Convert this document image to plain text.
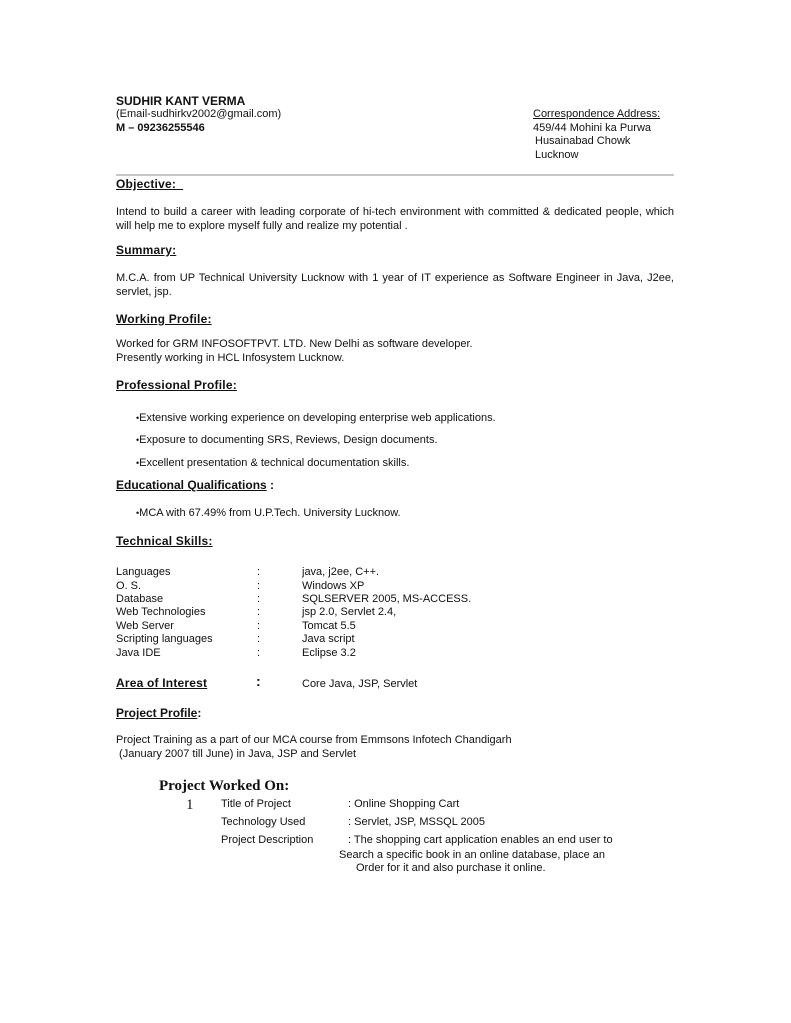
SUDHIR KANT VERMA
(Email-sudhirkv2002@gmail.com)
M – 09236255546
Correspondence Address:
459/44 Mohini ka Purwa
Husainabad Chowk
Lucknow
Objective:
Intend to build a career with leading corporate of hi-tech environment with committed & dedicated people, which will help me to explore myself fully and realize my potential .
Summary:
M.C.A. from UP Technical University Lucknow with 1 year of IT experience as Software Engineer in Java, J2ee, servlet, jsp.
Working Profile:
Worked for GRM INFOSOFTPVT. LTD. New Delhi as software developer.
Presently working in HCL Infosystem Lucknow.
Professional Profile:
•Extensive working experience on developing enterprise web applications.
•Exposure to documenting SRS, Reviews, Design documents.
•Excellent presentation & technical documentation skills.
Educational Qualifications :
•MCA with 67.49% from U.P.Tech. University Lucknow.
Technical Skills:
Languages	:	java, j2ee, C++.
O. S.	:	Windows XP
Database	:	SQLSERVER 2005, MS-ACCESS.
Web Technologies	:	jsp 2.0, Servlet 2.4,
Web Server	:	Tomcat 5.5
Scripting languages	:	Java script
Java IDE	:	Eclipse 3.2
Area of Interest	:	Core Java, JSP, Servlet
Project Profile:
Project Training as a part of our MCA course from Emmsons Infotech Chandigarh
(January 2007 till June) in Java, JSP and Servlet
Project Worked On:
1	Title of Project	: Online Shopping Cart
Technology Used	: Servlet, JSP, MSSQL 2005
Project Description	: The shopping cart application enables an end user to
Search a specific book in an online database, place an
Order for it and also purchase it online.
